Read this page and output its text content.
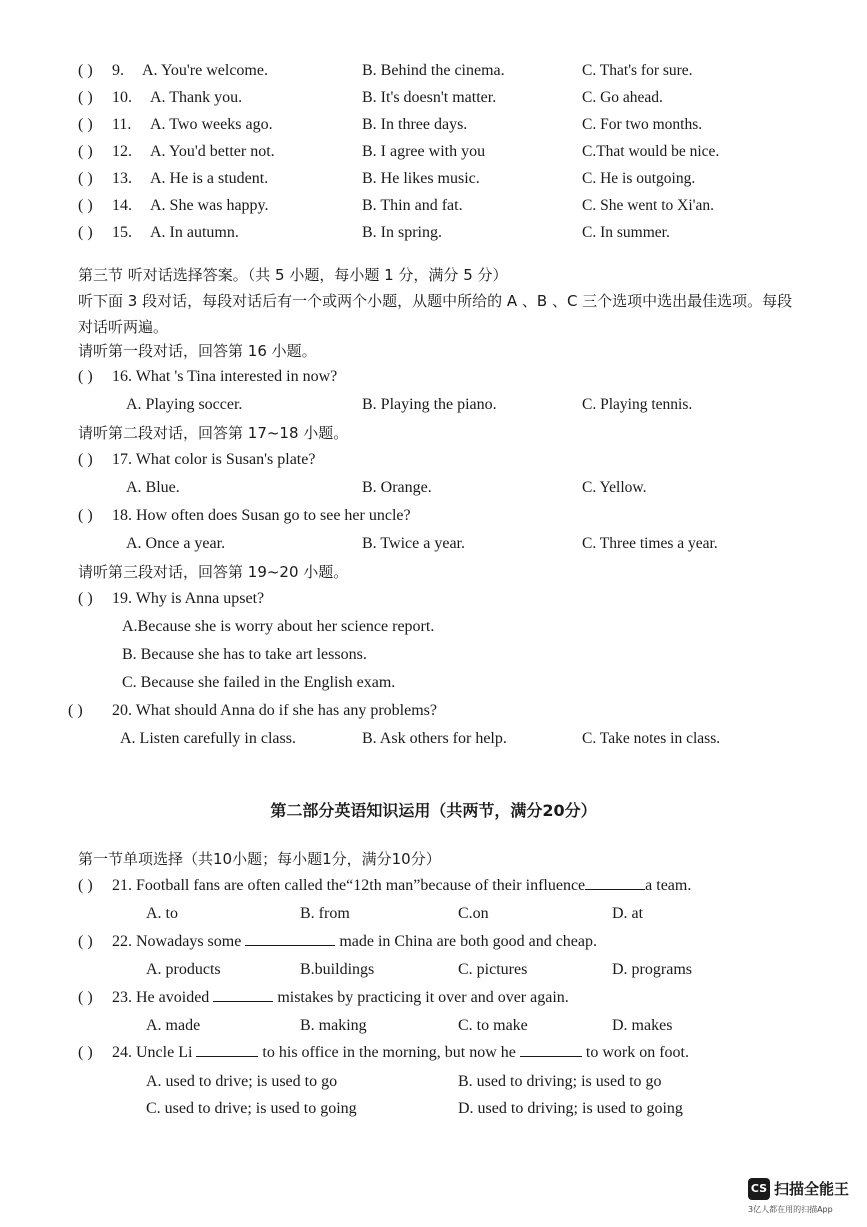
( ) 9. A. You're welcome.	B. Behind the cinema.	C. That's for sure.
( ) 10. A. Thank you.	B. It's doesn't matter.	C. Go ahead.
( ) 11. A. Two weeks ago.	B. In three days.	C. For two months.
( ) 12. A. You'd better not.	B. I agree with you	C.That would be nice.
( ) 13. A. He is a student.	B. He likes music.	C. He is outgoing.
( ) 14. A. She was happy.	B. Thin and fat.	C. She went to Xi'an.
( ) 15. A. In autumn.	B. In spring.	C. In summer.
第三节 听对话选择答案。（共 5 小题，每小题 1 分，满分 5 分）
听下面 3 段对话，每段对话后有一个或两个小题，从题中所给的 A 、B 、C 三个选项中选出最佳选项。每段对话听两遍。
请听第一段对话，回答第 16 小题。
( ) 16. What 's Tina interested in now?
A. Playing soccer.	B. Playing the piano.	C. Playing tennis.
请听第二段对话，回答第 17~18 小题。
( ) 17. What color is Susan's plate?
A. Blue.	B. Orange.	C. Yellow.
( ) 18. How often does Susan go to see her uncle?
A. Once a year.	B. Twice a year.	C. Three times a year.
请听第三段对话，回答第 19~20 小题。
( ) 19. Why is Anna upset?
A.Because she is worry about her science report.
B. Because she has to take art lessons.
C. Because she failed in the English exam.
( ) 20. What should Anna do if she has any problems?
A. Listen carefully in class.	B. Ask others for help.	C. Take notes in class.
第二部分英语知识运用（共两节，满分20分）
第一节单项选择（共10小题；每小题1分，满分10分）
( ) 21. Football fans are often called the“12th man”because of their influence	a team.
A. to	B. from	C.on	D. at
( ) 22. Nowadays some	made in China are both good and cheap.
A. products	B.buildings	C. pictures	D. programs
( ) 23. He avoided	mistakes by practicing it over and over again.
A. made	B. making	C. to make	D. makes
( ) 24. Uncle Li	to his office in the morning, but now he	to work on foot.
A. used to drive; is used to go	B. used to driving; is used to go
C. used to drive; is used to going	D. used to driving; is used to going
CS 扫描全能王
3亿人都在用的扫描App
